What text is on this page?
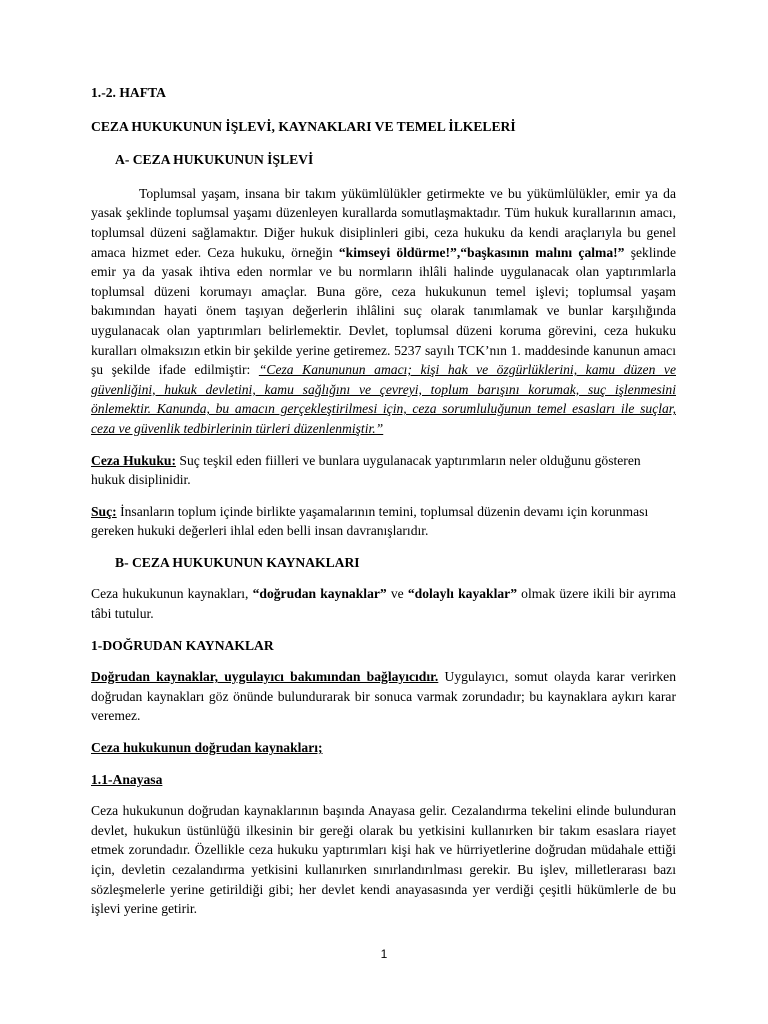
1.-2. HAFTA

CEZA HUKUKUNUN İŞLEVİ, KAYNAKLARI VE TEMEL İLKELERİ

A- CEZA HUKUKUNUN İŞLEVİ

Toplumsal yaşam, insana bir takım yükümlülükler getirmekte ve bu yükümlülükler, emir ya da yasak şeklinde toplumsal yaşamı düzenleyen kurallarda somutlaşmaktadır. Tüm hukuk kurallarının amacı, toplumsal düzeni sağlamaktır. Diğer hukuk disiplinleri gibi, ceza hukuku da kendi araçlarıyla bu genel amaca hizmet eder. Ceza hukuku, örneğin “kimseyi öldürme!”,“başkasının malını çalma!” şeklinde emir ya da yasak ihtiva eden normlar ve bu normların ihlâli halinde uygulanacak olan yaptırımlarla toplumsal düzeni korumayı amaçlar. Buna göre, ceza hukukunun temel işlevi; toplumsal yaşam bakımından hayati önem taşıyan değerlerin ihlâlini suç olarak tanımlamak ve bunlar karşılığında uygulanacak olan yaptırımları belirlemektir. Devlet, toplumsal düzeni koruma görevini, ceza hukuku kuralları olmaksızın etkin bir şekilde yerine getiremez. 5237 sayılı TCK’nın 1. maddesinde kanunun amacı şu şekilde ifade edilmiştir: “Ceza Kanununun amacı; kişi hak ve özgürlüklerini, kamu düzen ve güvenliğini, hukuk devletini, kamu sağlığını ve çevreyi, toplum barışını korumak, suç işlenmesini önlemektir. Kanunda, bu amacın gerçekleştirilmesi için, ceza sorumluluğunun temel esasları ile suçlar, ceza ve güvenlik tedbirlerinin türleri düzenlenmiştir.”

Ceza Hukuku: Suç teşkil eden fiilleri ve bunlara uygulanacak yaptırımların neler olduğunu gösteren hukuk disiplinidir.

Suç: İnsanların toplum içinde birlikte yaşamalarının temini, toplumsal düzenin devamı için korunması gereken hukuki değerleri ihlal eden belli insan davranışlarıdır.

B- CEZA HUKUKUNUN KAYNAKLARI

Ceza hukukunun kaynakları, “doğrudan kaynaklar” ve “dolaylı kayaklar” olmak üzere ikili bir ayrıma tâbi tutulur.

1-DOĞRUDAN KAYNAKLAR

Doğrudan kaynaklar, uygulayıcı bakımından bağlayıcıdır. Uygulayıcı, somut olayda karar verirken doğrudan kaynakları göz önünde bulundurarak bir sonuca varmak zorundadır; bu kaynaklara aykırı karar veremez.

Ceza hukukunun doğrudan kaynakları;

1.1-Anayasa

Ceza hukukunun doğrudan kaynaklarının başında Anayasa gelir. Cezalandırma tekelini elinde bulunduran devlet, hukukun üstünlüğü ilkesinin bir gereği olarak bu yetkisini kullanırken bir takım esaslara riayet etmek zorundadır. Özellikle ceza hukuku yaptırımları kişi hak ve hürriyetlerine doğrudan müdahale ettiği için, devletin cezalandırma yetkisini kullanırken sınırlandırılması gerekir. Bu işlev, milletlerarası bazı sözleşmelerle yerine getirildiği gibi; her devlet kendi anayasasında yer verdiği çeşitli hükümlerle de bu işlevi yerine getirir.

1
